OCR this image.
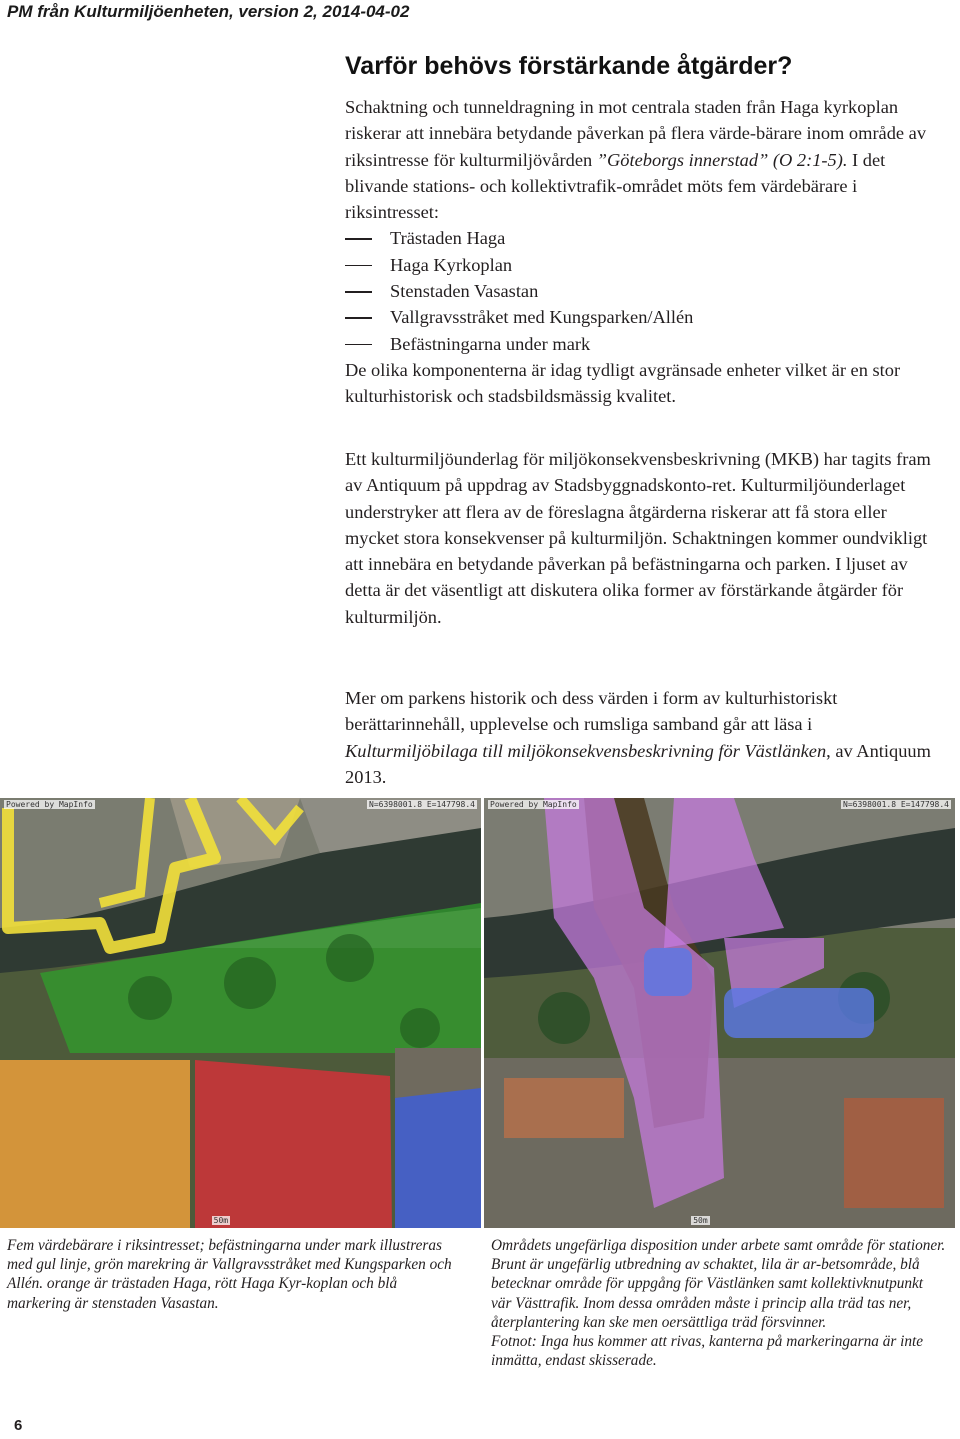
PM från Kulturmiljöenheten, version 2, 2014-04-02
Varför behövs förstärkande åtgärder?
Schaktning och tunneldragning in mot centrala staden från Haga kyrkoplan riskerar att innebära betydande påverkan på flera värde-bärare inom område av riksintresse för kulturmiljövården ”Göteborgs innerstad” (O 2:1-5). I det blivande stations- och kollektivtrafik-området möts fem värdebärare i riksintresset:
Trästaden Haga
Haga Kyrkoplan
Stenstaden Vasastan
Vallgravsstråket med Kungsparken/Allén
Befästningarna under mark
De olika komponenterna är idag tydligt avgränsade enheter vilket är en stor kulturhistorisk och stadsbildsmässig kvalitet.

Ett kulturmiljöunderlag för miljökonsekvensbeskrivning (MKB) har tagits fram av Antiquum på uppdrag av Stadsbyggnadskonto-ret. Kulturmiljöunderlaget understryker att flera av de föreslagna åtgärderna riskerar att få stora eller mycket stora konsekvenser på kulturmiljön. Schaktningen kommer oundvikligt att innebära en betydande påverkan på befästningarna och parken. I ljuset av detta är det väsentligt att diskutera olika former av förstärkande åtgärder för kulturmiljön.

Mer om parkens historik och dess värden i form av kulturhistoriskt berättarinnehåll, upplevelse och rumsliga samband går att läsa i Kulturmiljöbilaga till miljökonsekvensbeskrivning för Västlänken, av Antiquum 2013.

Powered by MapInfo	N=6398001.8 E=147798.4
50m
Powered by MapInfo	N=6398001.8 E=147798.4
50m

Fem värdebärare i riksintresset; befästningarna under mark illustreras med gul linje, grön marekring är Vallgravsstråket med Kungsparken och Allén. orange är trästaden Haga, rött Haga Kyr-koplan och blå markering är stenstaden Vasastan.

Områdets ungefärliga disposition under arbete samt område för stationer. Brunt är ungefärlig utbredning av schaktet, lila är ar-betsområde, blå betecknar område för uppgång för Västlänken samt kollektivknutpunkt vär Västtrafik. Inom dessa områden måste i princip alla träd tas ner, återplantering kan ske men oersättliga träd försvinner.

Fotnot: Inga hus kommer att rivas, kanterna på markeringarna är inte inmätta, endast skisserade.

6
